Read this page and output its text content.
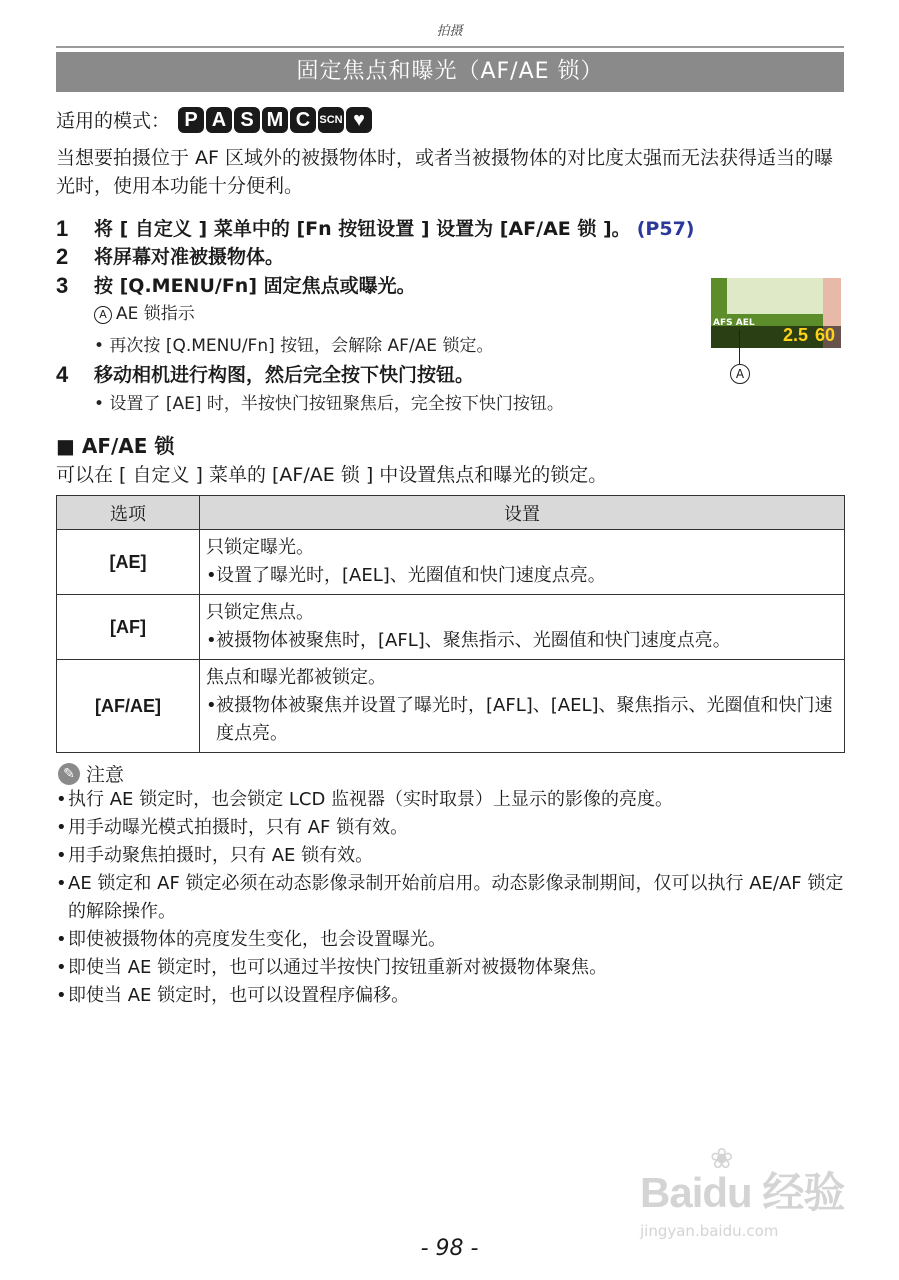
拍摄
固定焦点和曝光（AF/AE 锁）
适用的模式： P A S M C SCN ♥
当想要拍摄位于 AF 区域外的被摄物体时，或者当被摄物体的对比度太强而无法获得适当的曝光时，使用本功能十分便利。
1	将 [ 自定义 ] 菜单中的 [Fn 按钮设置 ] 设置为 [AF/AE 锁 ]。 (P57)
2	将屏幕对准被摄物体。
3	按 [Q.MENU/Fn] 固定焦点或曝光。
A AE 锁指示
• 再次按 [Q.MENU/Fn] 按钮，会解除 AF/AE 锁定。
4	移动相机进行构图，然后完全按下快门按钮。
• 设置了 [AE] 时，半按快门按钮聚焦后，完全按下快门按钮。
AFS AEL
2.5 60
A
■ AF/AE 锁
可以在 [ 自定义 ] 菜单的 [AF/AE 锁 ] 中设置焦点和曝光的锁定。
选项	设置
[AE]	只锁定曝光。
• 设置了曝光时，[AEL]、光圈值和快门速度点亮。

[AF]	只锁定焦点。
• 被摄物体被聚焦时，[AFL]、聚焦指示、光圈值和快门速度点亮。

[AF/AE]	焦点和曝光都被锁定。
• 被摄物体被聚焦并设置了曝光时，[AFL]、[AEL]、聚焦指示、光圈值和快门速度点亮。
✎ 注意
• 执行 AE 锁定时，也会锁定 LCD 监视器（实时取景）上显示的影像的亮度。
• 用手动曝光模式拍摄时，只有 AF 锁有效。
• 用手动聚焦拍摄时，只有 AE 锁有效。
• AE 锁定和 AF 锁定必须在动态影像录制开始前启用。动态影像录制期间，仅可以执行 AE/AF 锁定的解除操作。
• 即使被摄物体的亮度发生变化，也会设置曝光。
• 即使当 AE 锁定时，也可以通过半按快门按钮重新对被摄物体聚焦。
• 即使当 AE 锁定时，也可以设置程序偏移。
❀
Baidu 经验
jingyan.baidu.com
- 98 -
